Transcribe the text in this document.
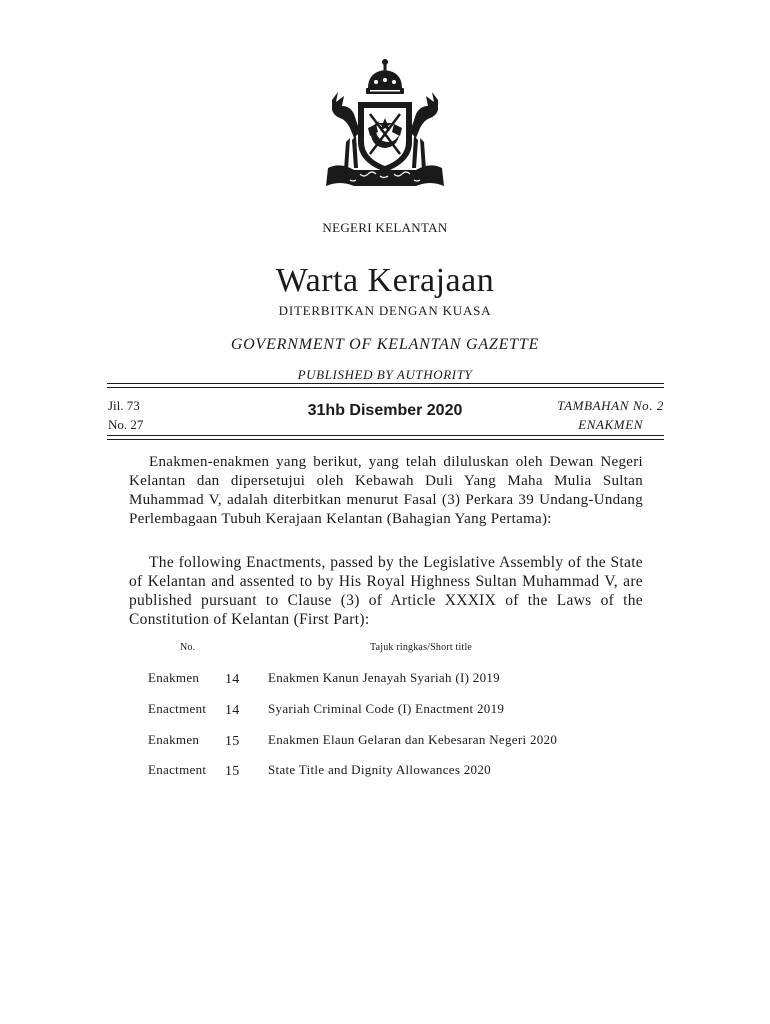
NEGERI KELANTAN
Warta Kerajaan
DITERBITKAN DENGAN KUASA
GOVERNMENT OF KELANTAN GAZETTE
PUBLISHED BY AUTHORITY
Jil. 73
No. 27
31hb Disember 2020	TAMBAHAN No. 2
ENAKMEN
Enakmen-enakmen yang berikut, yang telah diluluskan oleh Dewan Negeri Kelantan dan dipersetujui oleh Kebawah Duli Yang Maha Mulia Sultan Muhammad V, adalah diterbitkan menurut Fasal (3) Perkara 39 Undang-Undang Perlembagaan Tubuh Kerajaan Kelantan (Bahagian Yang Pertama):
The following Enactments, passed by the Legislative Assembly of the State of Kelantan and assented to by His Royal Highness Sultan Muhammad V, are published pursuant to Clause (3) of Article XXXIX of the Laws of the Constitution of Kelantan (First Part):
No.	Tajuk ringkas/Short title
Enakmen 14 Enakmen Kanun Jenayah Syariah (I) 2019
Enactment 14 Syariah Criminal Code (I) Enactment 2019
Enakmen 15 Enakmen Elaun Gelaran dan Kebesaran Negeri 2020
Enactment 15 State Title and Dignity Allowances 2020
